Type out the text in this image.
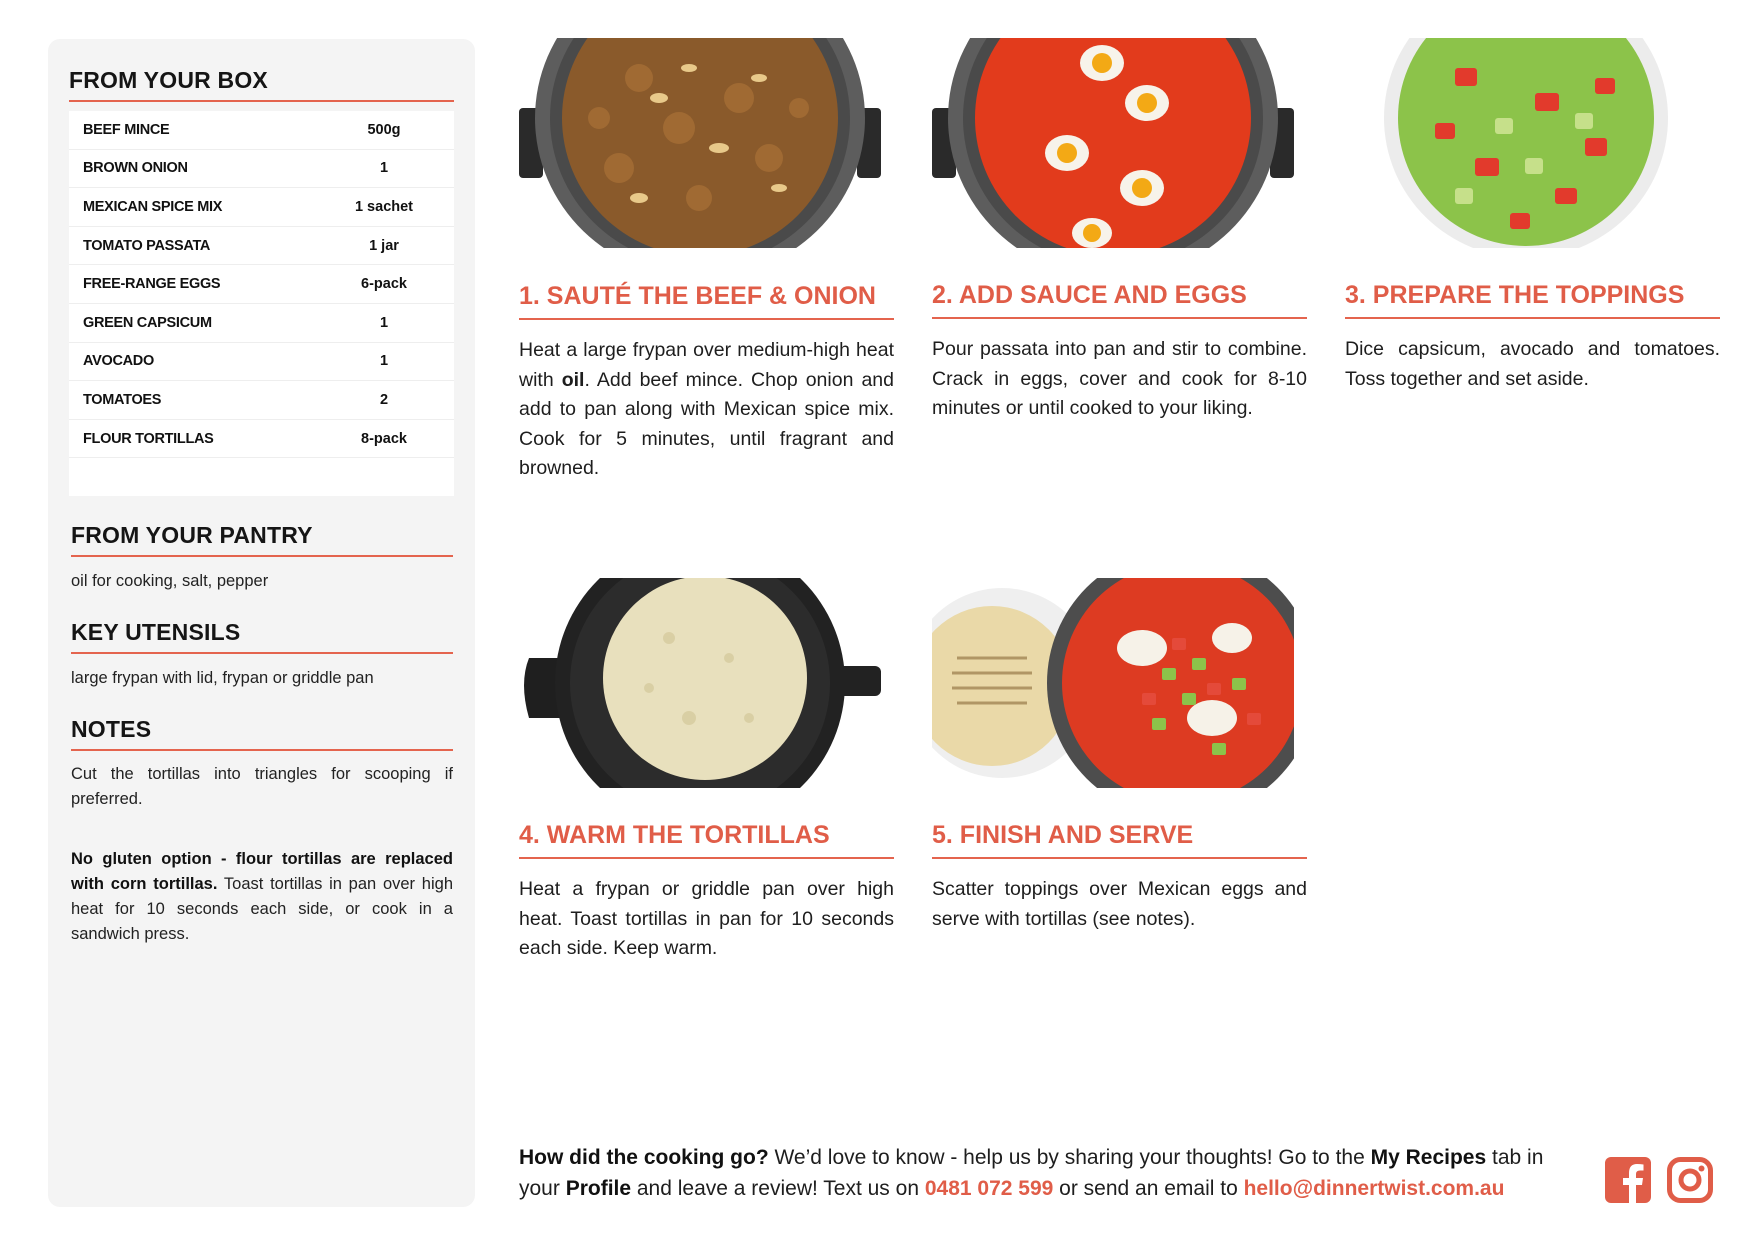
FROM YOUR BOX
BEEF MINCE	500g
BROWN ONION	1
MEXICAN SPICE MIX	1 sachet
TOMATO PASSATA	1 jar
FREE-RANGE EGGS	6-pack
GREEN CAPSICUM	1
AVOCADO	1
TOMATOES	2
FLOUR TORTILLAS	8-pack
FROM YOUR PANTRY
oil for cooking, salt, pepper
KEY UTENSILS
large frypan with lid, frypan or griddle pan
NOTES
Cut the tortillas into triangles for scooping if preferred.
No gluten option - flour tortillas are replaced with corn tortillas. Toast tortillas in pan over high heat for 10 seconds each side, or cook in a sandwich press.
1. SAUTÉ THE BEEF & ONION
Heat a large frypan over medium-high heat with oil. Add beef mince. Chop onion and add to pan along with Mexican spice mix. Cook for 5 minutes, until fragrant and browned.
2. ADD SAUCE AND EGGS
Pour passata into pan and stir to combine. Crack in eggs, cover and cook for 8-10 minutes or until cooked to your liking.
3. PREPARE THE TOPPINGS
Dice capsicum, avocado and tomatoes. Toss together and set aside.
4. WARM THE TORTILLAS
Heat a frypan or griddle pan over high heat. Toast tortillas in pan for 10 seconds each side. Keep warm.
5. FINISH AND SERVE
Scatter toppings over Mexican eggs and serve with tortillas (see notes).
How did the cooking go? We’d love to know - help us by sharing your thoughts! Go to the My Recipes tab in your Profile and leave a review! Text us on 0481 072 599 or send an email to hello@dinnertwist.com.au
